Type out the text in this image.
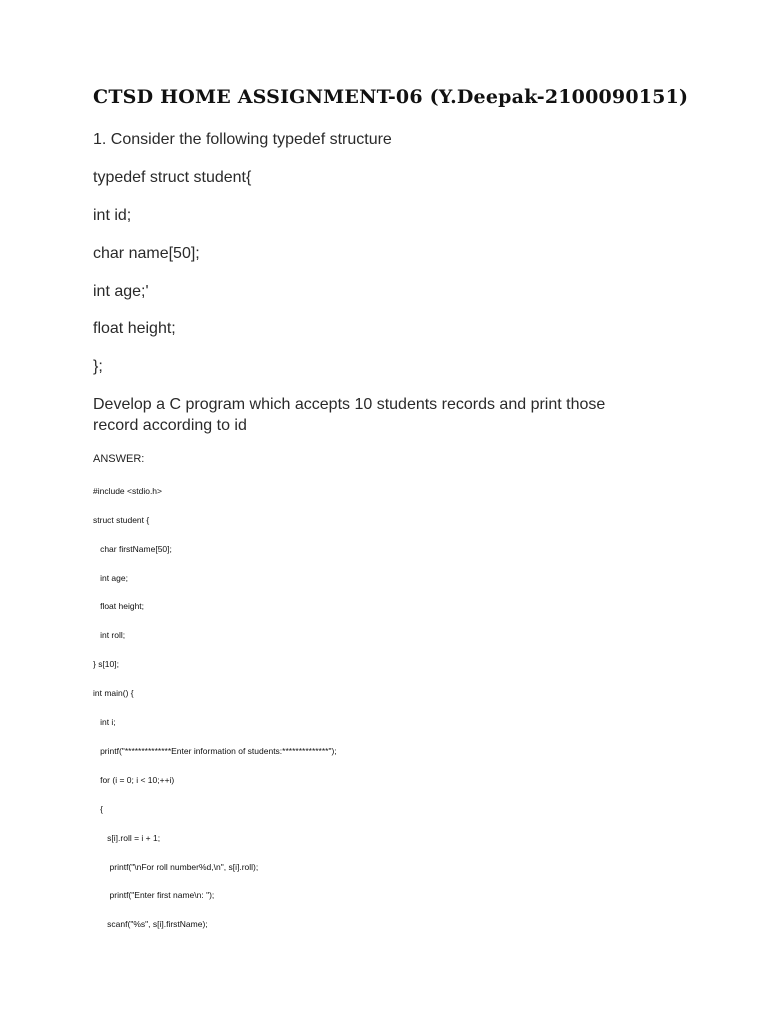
CTSD HOME ASSIGNMENT-06 (Y.Deepak-2100090151)

1. Consider the following typedef structure

typedef struct student{

int id;

char name[50];

int age;'

float height;

};

Develop a C program which accepts 10 students records and print those record according to id

ANSWER:

#include <stdio.h>

struct student {

char firstName[50];

int age;

float height;

int roll;

} s[10];

int main() {

int i;

printf("**************Enter information of students:**************");

for (i = 0; i < 10;++i)

{

s[i].roll = i + 1;

printf("\nFor roll number%d,\n", s[i].roll);

printf("Enter first name\n: ");

scanf("%s", s[i].firstName);
